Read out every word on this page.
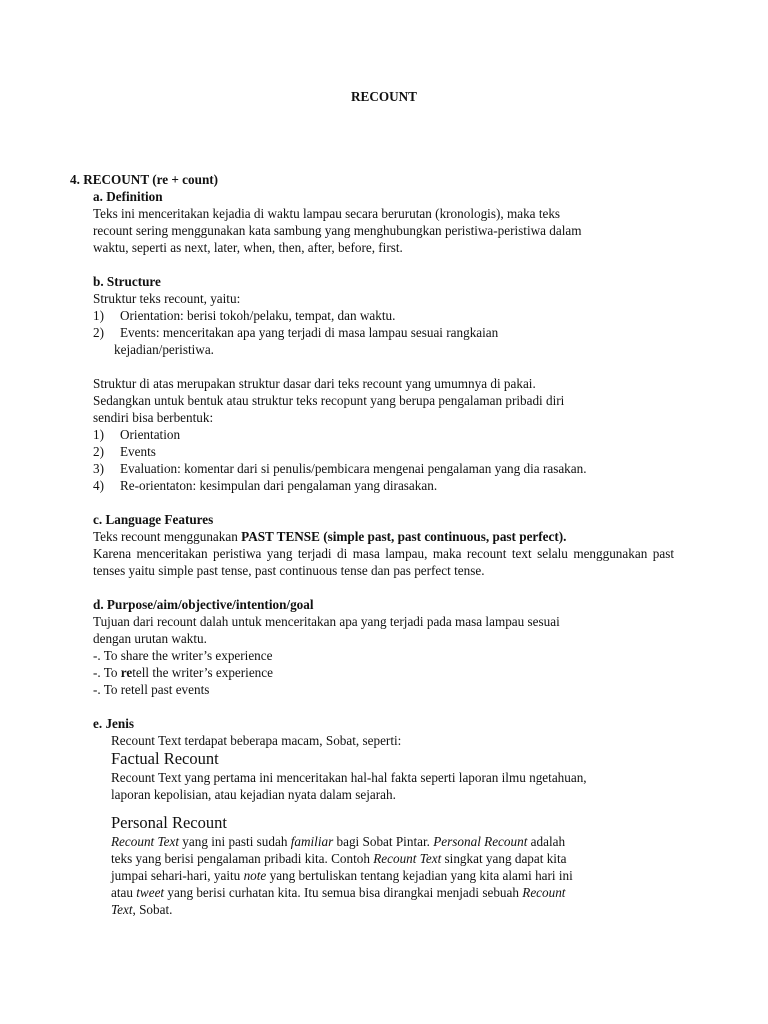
RECOUNT
4. RECOUNT (re + count)
a. Definition
Teks ini menceritakan kejadia di waktu lampau secara berurutan (kronologis), maka teks
recount sering menggunakan kata sambung yang menghubungkan peristiwa-peristiwa dalam
waktu, seperti as next, later, when, then, after, before, first.
b. Structure
Struktur teks recount, yaitu:
1) Orientation: berisi tokoh/pelaku, tempat, dan waktu.
2) Events: menceritakan apa yang terjadi di masa lampau sesuai rangkaian
kejadian/peristiwa.
Struktur di atas merupakan struktur dasar dari teks recount yang umumnya di pakai.
Sedangkan untuk bentuk atau struktur teks recopunt yang berupa pengalaman pribadi diri
sendiri bisa berbentuk:
1) Orientation
2) Events
3) Evaluation: komentar dari si penulis/pembicara mengenai pengalaman yang dia rasakan.
4) Re-orientaton: kesimpulan dari pengalaman yang dirasakan.
c. Language Features
Teks recount menggunakan PAST TENSE (simple past, past continuous, past perfect).
Karena menceritakan peristiwa yang terjadi di masa lampau, maka recount text selalu menggunakan past tenses yaitu simple past tense, past continuous tense dan pas perfect tense.
d. Purpose/aim/objective/intention/goal
Tujuan dari recount dalah untuk menceritakan apa yang terjadi pada masa lampau sesuai
dengan urutan waktu.
-. To share the writer’s experience
-. To retell the writer’s experience
-. To retell past events
e. Jenis
Recount Text terdapat beberapa macam, Sobat, seperti:
Factual Recount
Recount Text yang pertama ini menceritakan hal-hal fakta seperti laporan ilmu ngetahuan,
laporan kepolisian, atau kejadian nyata dalam sejarah.
Personal Recount
Recount Text yang ini pasti sudah familiar bagi Sobat Pintar. Personal Recount adalah
teks yang berisi pengalaman pribadi kita. Contoh Recount Text singkat yang dapat kita
jumpai sehari-hari, yaitu note yang bertuliskan tentang kejadian yang kita alami hari ini
atau tweet yang berisi curhatan kita. Itu semua bisa dirangkai menjadi sebuah Recount
Text, Sobat.
